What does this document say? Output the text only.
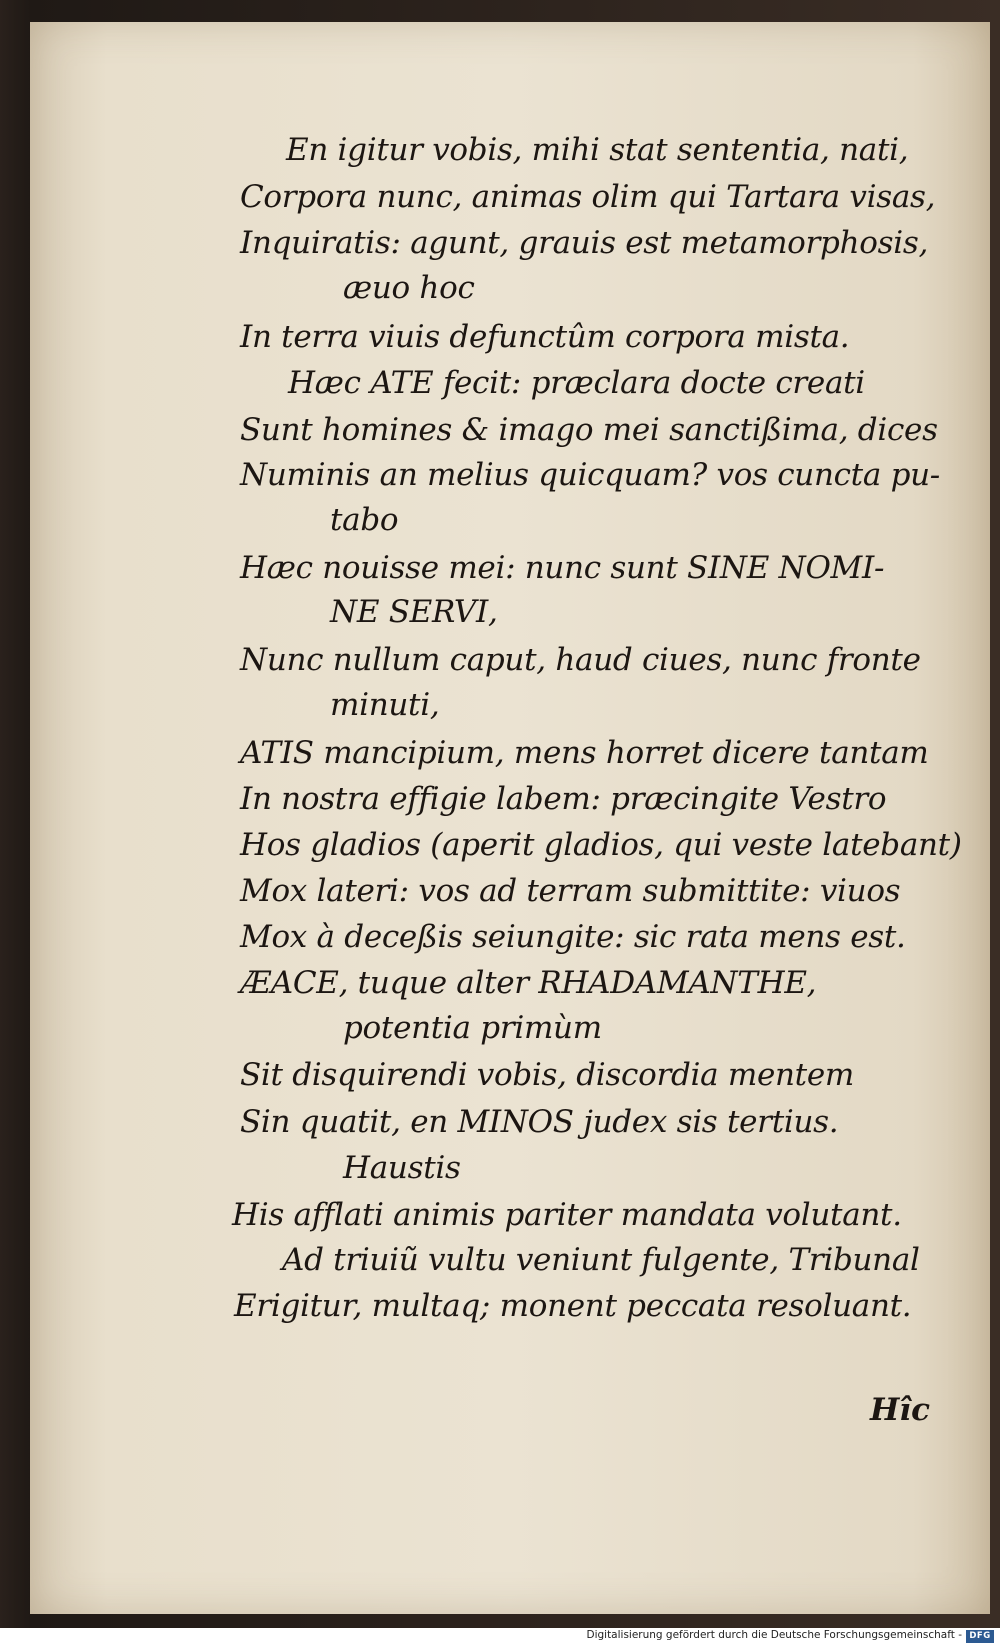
En igitur vobis, mihi stat sententia, nati,
Corpora nunc, animas olim qui Tartara visas,
Inquiratis: agunt, grauis est metamorphosis,
æuo hoc
In terra viuis defunctûm corpora mista.
Hæc ATE fecit: præclara docte creati
Sunt homines & imago mei sanctißima, dices
Numinis an melius quicquam? vos cuncta pu-
tabo
Hæc nouisse mei: nunc sunt SINE NOMI-
NE SERVI,
Nunc nullum caput, haud ciues, nunc fronte
minuti,
ATIS mancipium, mens horret dicere tantam
In nostra effigie labem: præcingite Vestro
Hos gladios (aperit gladios, qui veste latebant)
Mox lateri: vos ad terram submittite: viuos
Mox à deceßis seiungite: sic rata mens est.
ÆACE, tuque alter RHADAMANTHE,
potentia primùm
Sit disquirendi vobis, discordia mentem
Sin quatit, en MINOS judex sis tertius.
Haustis
His afflati animis pariter mandata volutant.
Ad triuiũ vultu veniunt fulgente, Tribunal
Erigitur, multaq; monent peccata resoluant.
Hîc
Digitalisierung gefördert durch die Deutsche Forschungsgemeinschaft - DFG
